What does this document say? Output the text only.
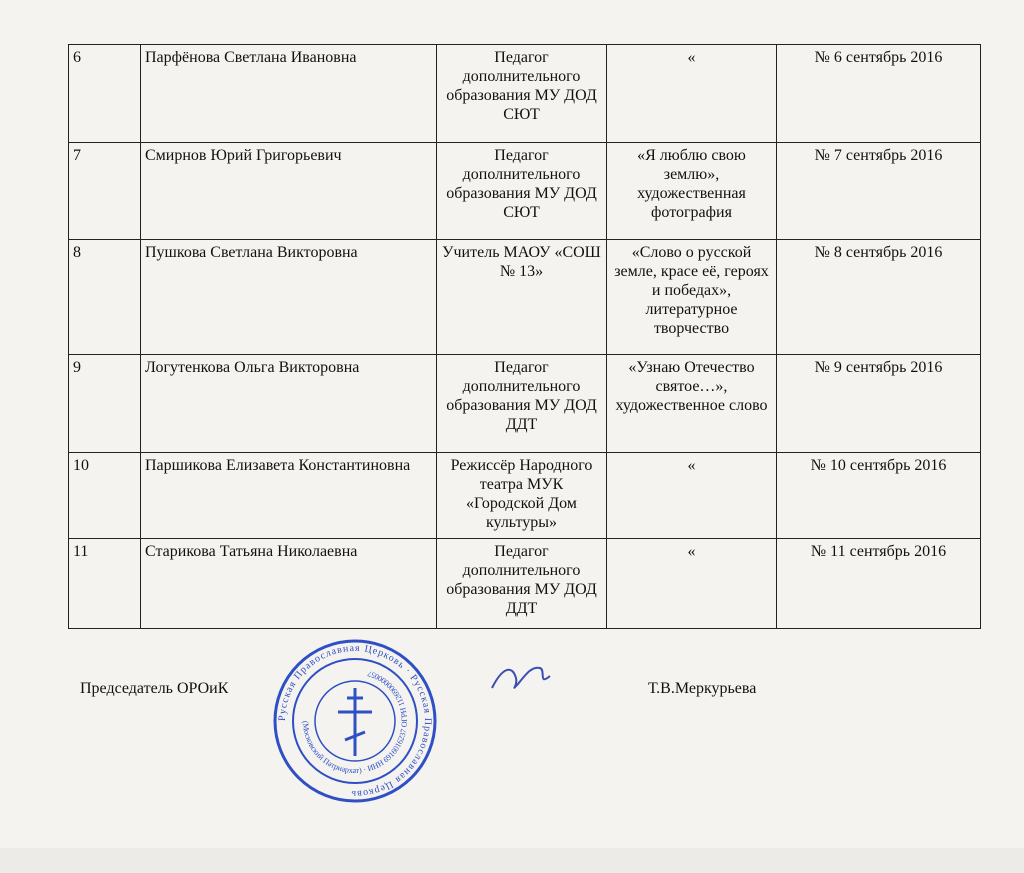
6	Парфёнова Светлана Ивановна	Педагог дополнительного образования МУ ДОД СЮТ	«	№ 6 сентябрь 2016
7	Смирнов Юрий Григорьевич	Педагог дополнительного образования МУ ДОД СЮТ	«Я люблю свою землю», художественная фотография	№ 7 сентябрь 2016
8	Пушкова Светлана Викторовна	Учитель МАОУ «СОШ № 13»	«Слово о русской земле, красе её, героях и победах», литературное творчество	№ 8 сентябрь 2016
9	Логутенкова Ольга Викторовна	Педагог дополнительного образования МУ ДОД ДДТ	«Узнаю Отечество святое…», художественное слово	№ 9 сентябрь 2016
10	Паршикова Елизавета Константиновна	Режиссёр Народного театра МУК «Городской Дом культуры»	«	№ 10 сентябрь 2016
11	Старикова Татьяна Николаевна	Педагог дополнительного образования МУ ДОД ДДТ	«	№ 11 сентябрь 2016
Председатель ОРОиК
Русская Православная Церковь · Русская Православная Церковь
(Московский Патриархат) · ИНН 6916016237 ОГРН 1126900000057
Т.В.Меркурьева
